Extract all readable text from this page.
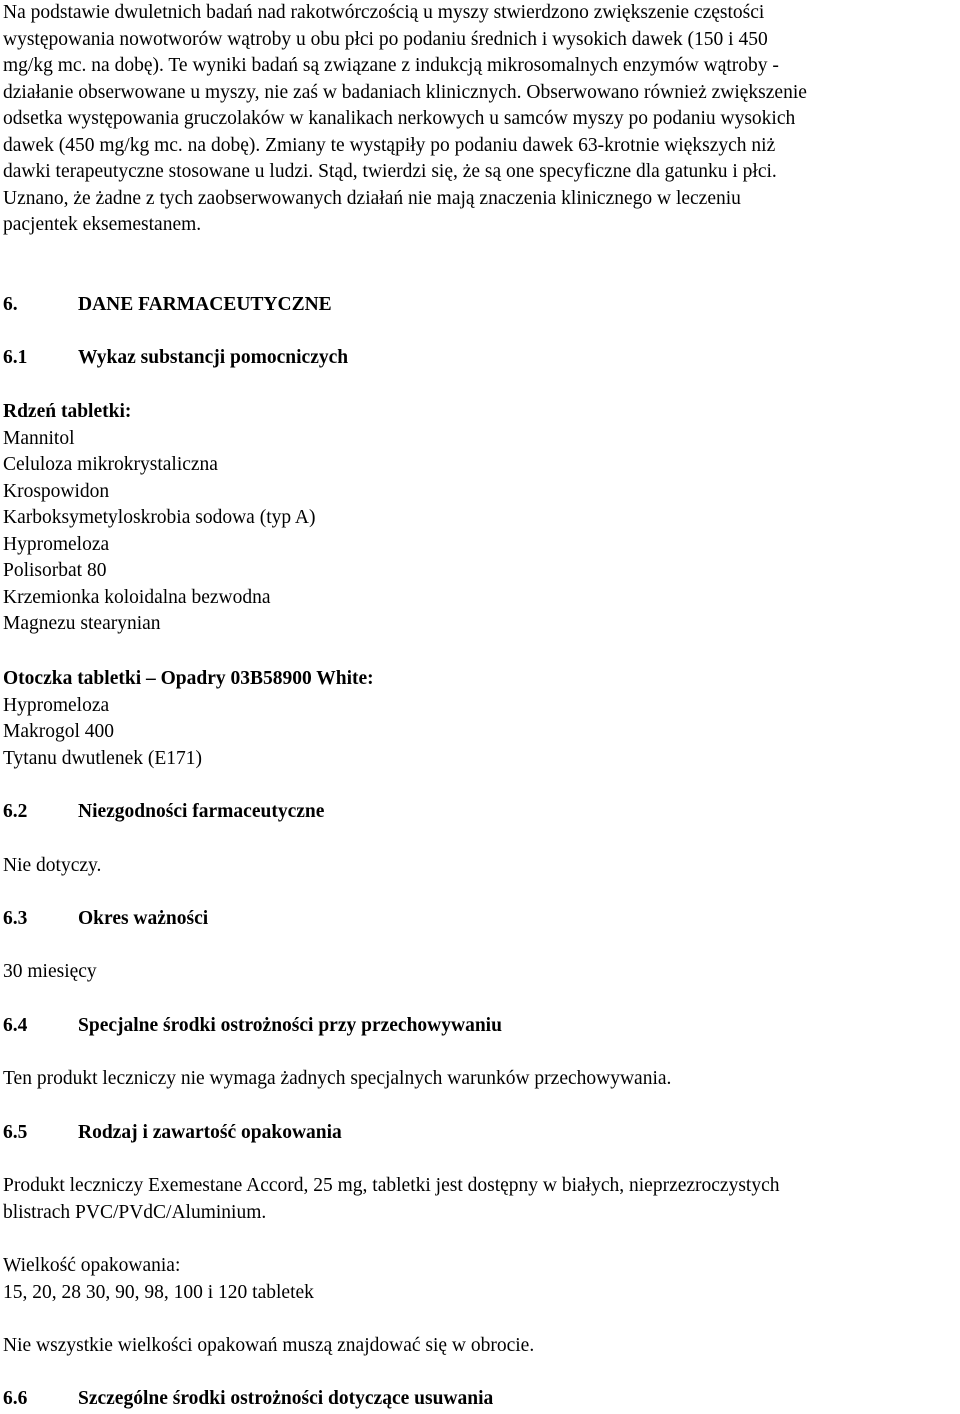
Na podstawie dwuletnich badań nad rakotwórczością u myszy stwierdzono zwiększenie częstości
występowania nowotworów wątroby u obu płci po podaniu średnich i wysokich dawek (150 i 450
mg/kg mc. na dobę). Te wyniki badań są związane z indukcją mikrosomalnych enzymów wątroby -
działanie obserwowane u myszy, nie zaś w badaniach klinicznych. Obserwowano również zwiększenie
odsetka występowania gruczolaków w kanalikach nerkowych u samców myszy po podaniu wysokich
dawek (450 mg/kg mc. na dobę). Zmiany te wystąpiły po podaniu dawek 63-krotnie większych niż
dawki terapeutyczne stosowane u ludzi. Stąd, twierdzi się, że są one specyficzne dla gatunku i płci.
Uznano, że żadne z tych zaobserwowanych działań nie mają znaczenia klinicznego w leczeniu
pacjentek eksemestanem.
6.	DANE FARMACEUTYCZNE
6.1	Wykaz substancji pomocniczych
Rdzeń tabletki:
Mannitol
Celuloza mikrokrystaliczna
Krospowidon
Karboksymetyloskrobia sodowa (typ A)
Hypromeloza
Polisorbat 80
Krzemionka koloidalna bezwodna
Magnezu stearynian
Otoczka tabletki – Opadry 03B58900 White:
Hypromeloza
Makrogol 400
Tytanu dwutlenek (E171)
6.2	Niezgodności farmaceutyczne
Nie dotyczy.
6.3	Okres ważności
30 miesięcy
6.4	Specjalne środki ostrożności przy przechowywaniu
Ten produkt leczniczy nie wymaga żadnych specjalnych warunków przechowywania.
6.5	Rodzaj i zawartość opakowania
Produkt leczniczy Exemestane Accord, 25 mg, tabletki jest dostępny w białych, nieprzezroczystych
blistrach PVC/PVdC/Aluminium.
Wielkość opakowania:
15, 20, 28 30, 90, 98, 100 i 120 tabletek
Nie wszystkie wielkości opakowań muszą znajdować się w obrocie.
6.6	Szczególne środki ostrożności dotyczące usuwania
